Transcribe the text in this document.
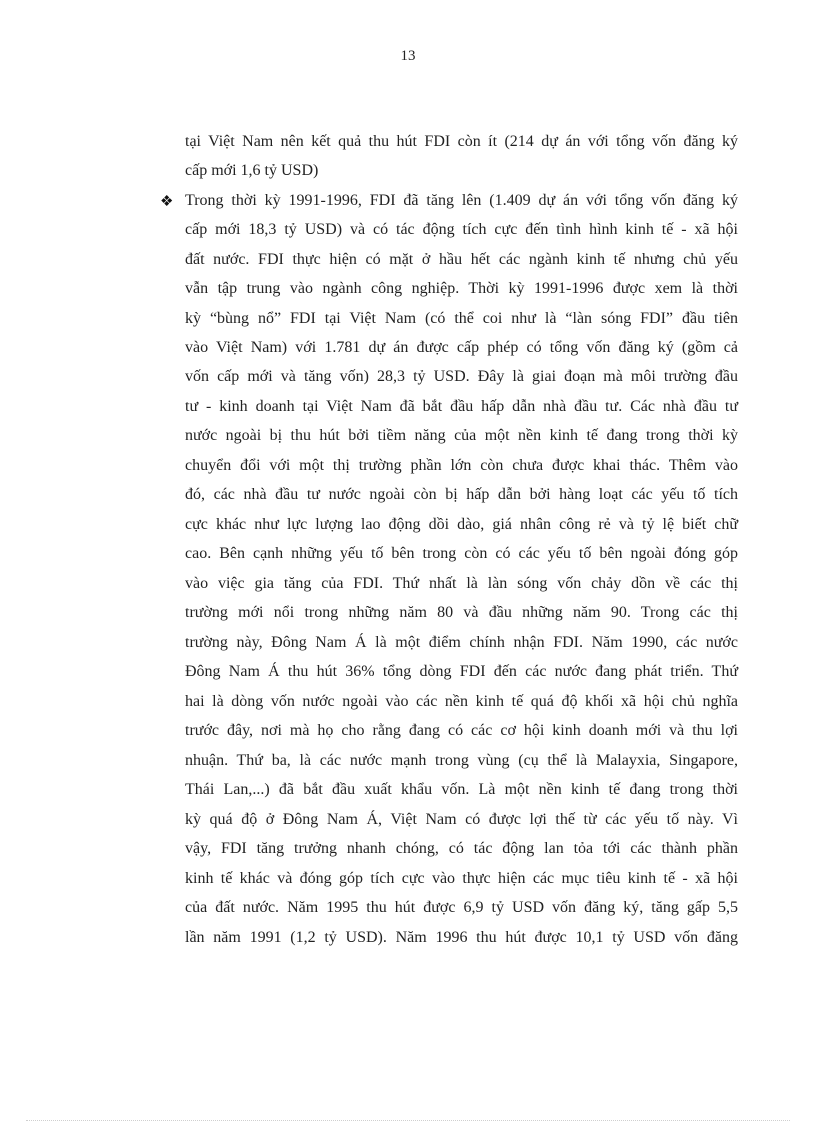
13
tại Việt Nam nên kết quả thu hút FDI còn ít (214 dự án với tổng vốn đăng ký
cấp mới 1,6 tỷ USD)
❖ Trong thời kỳ 1991-1996, FDI đã tăng lên (1.409 dự án với tổng vốn đăng ký
cấp mới 18,3 tỷ USD) và có tác động tích cực đến tình hình kinh tế - xã hội
đất nước. FDI thực hiện có mặt ở hầu hết các ngành kinh tế nhưng chủ yếu
vẫn tập trung vào ngành công nghiệp. Thời kỳ 1991-1996 được xem là thời
kỳ “bùng nổ” FDI tại Việt Nam (có thể coi như là “làn sóng FDI” đầu tiên
vào Việt Nam) với 1.781 dự án được cấp phép có tổng vốn đăng ký (gồm cả
vốn cấp mới và tăng vốn) 28,3 tỷ USD. Đây là giai đoạn mà môi trường đầu
tư - kinh doanh tại Việt Nam đã bắt đầu hấp dẫn nhà đầu tư. Các nhà đầu tư
nước ngoài bị thu hút bởi tiềm năng của một nền kinh tế đang trong thời kỳ
chuyển đổi với một thị trường phần lớn còn chưa được khai thác. Thêm vào
đó, các nhà đầu tư nước ngoài còn bị hấp dẫn bởi hàng loạt các yếu tố tích
cực khác như lực lượng lao động dồi dào, giá nhân công rẻ và tỷ lệ biết chữ
cao. Bên cạnh những yếu tố bên trong còn có các yếu tố bên ngoài đóng góp
vào việc gia tăng của FDI. Thứ nhất là làn sóng vốn chảy dồn về các thị
trường mới nổi trong những năm 80 và đầu những năm 90. Trong các thị
trường này, Đông Nam Á là một điểm chính nhận FDI. Năm 1990, các nước
Đông Nam Á thu hút 36% tổng dòng FDI đến các nước đang phát triển. Thứ
hai là dòng vốn nước ngoài vào các nền kinh tế quá độ khối xã hội chủ nghĩa
trước đây, nơi mà họ cho rằng đang có các cơ hội kinh doanh mới và thu lợi
nhuận. Thứ ba, là các nước mạnh trong vùng (cụ thể là Malayxia, Singapore,
Thái Lan,...) đã bắt đầu xuất khẩu vốn. Là một nền kinh tế đang trong thời
kỳ quá độ ở Đông Nam Á, Việt Nam có được lợi thế từ các yếu tố này. Vì
vậy, FDI tăng trưởng nhanh chóng, có tác động lan tỏa tới các thành phần
kinh tế khác và đóng góp tích cực vào thực hiện các mục tiêu kinh tế - xã hội
của đất nước. Năm 1995 thu hút được 6,9 tỷ USD vốn đăng ký, tăng gấp 5,5
lần năm 1991 (1,2 tỷ USD). Năm 1996 thu hút được 10,1 tỷ USD vốn đăng
